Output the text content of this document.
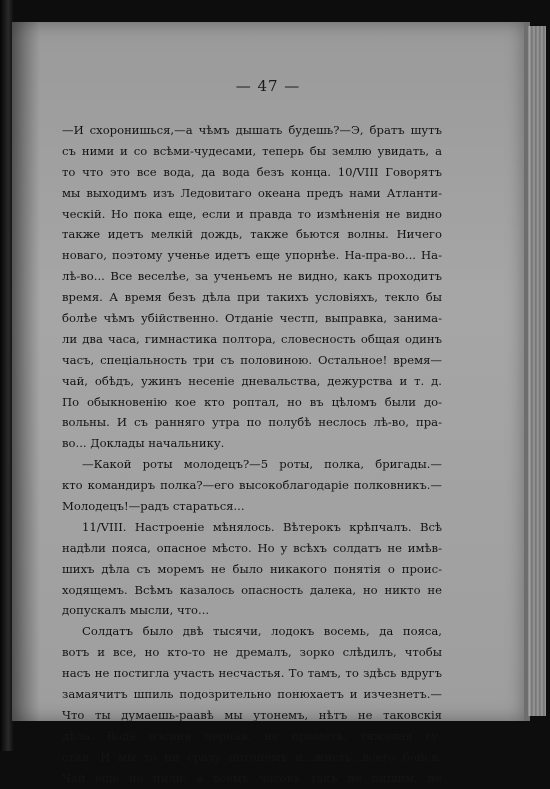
— 47 —
—И схоронишься,—а чѣмъ дышать будешь?—Э, братъ шутъ
съ ними и со всѣми-чудесами, теперь бы землю увидать, а
то что это все вода, да вода безъ конца. 10/VIII Говорятъ
мы выходимъ изъ Ледовитаго океана предъ нами Атланти-
ческій. Но пока еще, если и правда то измѣненія не видно
также идетъ мелкій дождь, также бьются волны. Ничего
новаго, поэтому ученье идетъ еще упорнѣе. На-пра-во... На-
лѣ-во... Все веселѣе, за ученьемъ не видно, какъ проходитъ
время. А время безъ дѣла при такихъ условіяхъ, текло бы
болѣе чѣмъ убійственно. Отданіе честп, выправка, занима-
ли два часа, гимнастика полтора, словесность общая одинъ
часъ, спеціальность три съ половиною. Остальное! время—
чай, обѣдъ, ужинъ несеніе дневальства, дежурства и т. д.
По обыкновенію кое кто роптал, но въ цѣломъ были до-
вольны. И съ ранняго утра по полубѣ неслось лѣ-во, пра-
во... Доклады начальнику.
—Какой роты молодецъ?—5 роты, полка, бригады.—
кто командиръ полка?—его высокоблагодаріе полковникъ.—
Молодецъ!—радъ стараться...
11/VIII. Настроеніе мѣнялось. Вѣтерокъ крѣпчалъ. Всѣ
надѣли пояса, опасное мѣсто. Но у всѣхъ солдатъ не имѣв-
шихъ дѣла съ моремъ не было никакого понятія о проис-
ходящемъ. Всѣмъ казалось опасность далека, но никто не
допускалъ мысли, что...
Солдатъ было двѣ тысячи, лодокъ восемь, да пояса,
вотъ и все, но кто-то не дремалъ, зорко слѣдилъ, чтобы
насъ не постигла участь несчастья. То тамъ, то здѣсь вдругъ
замаячитъ шпиль подозрительно понюхаетъ и изчезнетъ.—
Что ты думаешь-раавѣ мы утонемъ, нѣтъ не таковскія
дѣла. Вода изсиня черная, не приметъ, тяжелая гу-
стая. И мы то ни сразу потонемъ и...жисть...всего бойся.
Чай еще не пили, а всемъ часовъ такъ не пишим, не
